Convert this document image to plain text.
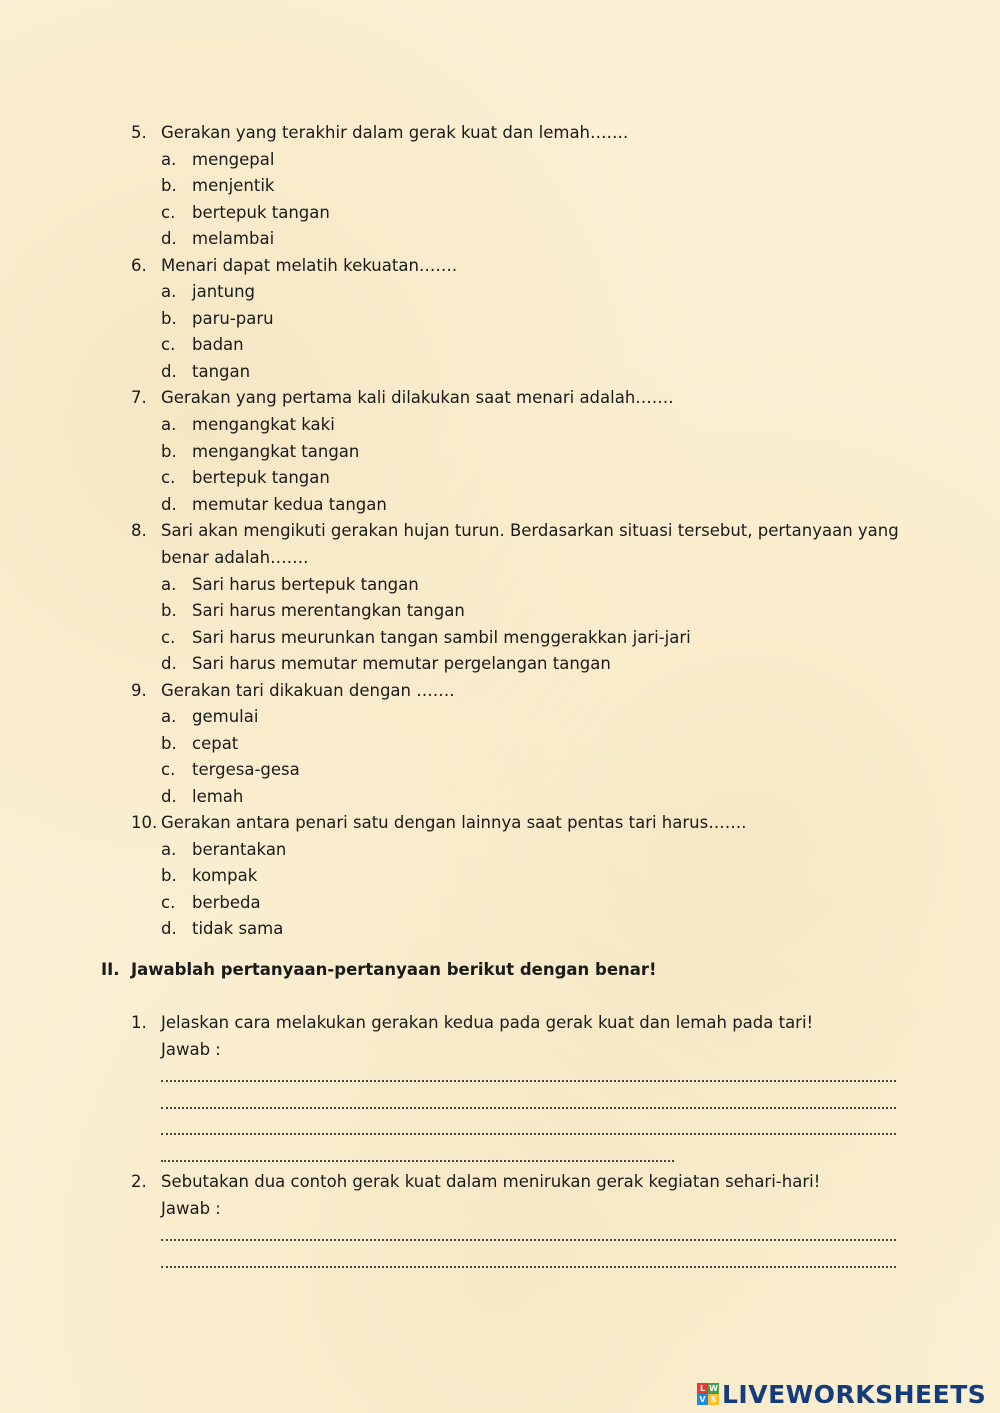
5. Gerakan yang terakhir dalam gerak kuat dan lemah…….
a. mengepal
b. menjentik
c. bertepuk tangan
d. melambai
6. Menari dapat melatih kekuatan…….
a. jantung
b. paru-paru
c. badan
d. tangan
7. Gerakan yang pertama kali dilakukan saat menari adalah…….
a. mengangkat kaki
b. mengangkat tangan
c. bertepuk tangan
d. memutar kedua tangan
8. Sari akan mengikuti gerakan hujan turun. Berdasarkan situasi tersebut, pertanyaan yang
benar adalah…….
a. Sari harus bertepuk tangan
b. Sari harus merentangkan tangan
c. Sari harus meurunkan tangan sambil menggerakkan jari-jari
d. Sari harus memutar memutar pergelangan tangan
9. Gerakan tari dikakuan dengan …….
a. gemulai
b. cepat
c. tergesa-gesa
d. lemah
10. Gerakan antara penari satu dengan lainnya saat pentas tari harus…….
a. berantakan
b. kompak
c. berbeda
d. tidak sama
II. Jawablah pertanyaan-pertanyaan berikut dengan benar!
1. Jelaskan cara melakukan gerakan kedua pada gerak kuat dan lemah pada tari!
Jawab :
2. Sebutakan dua contoh gerak kuat dalam menirukan gerak kegiatan sehari-hari!
Jawab :
L W
V S LIVEWORKSHEETS
